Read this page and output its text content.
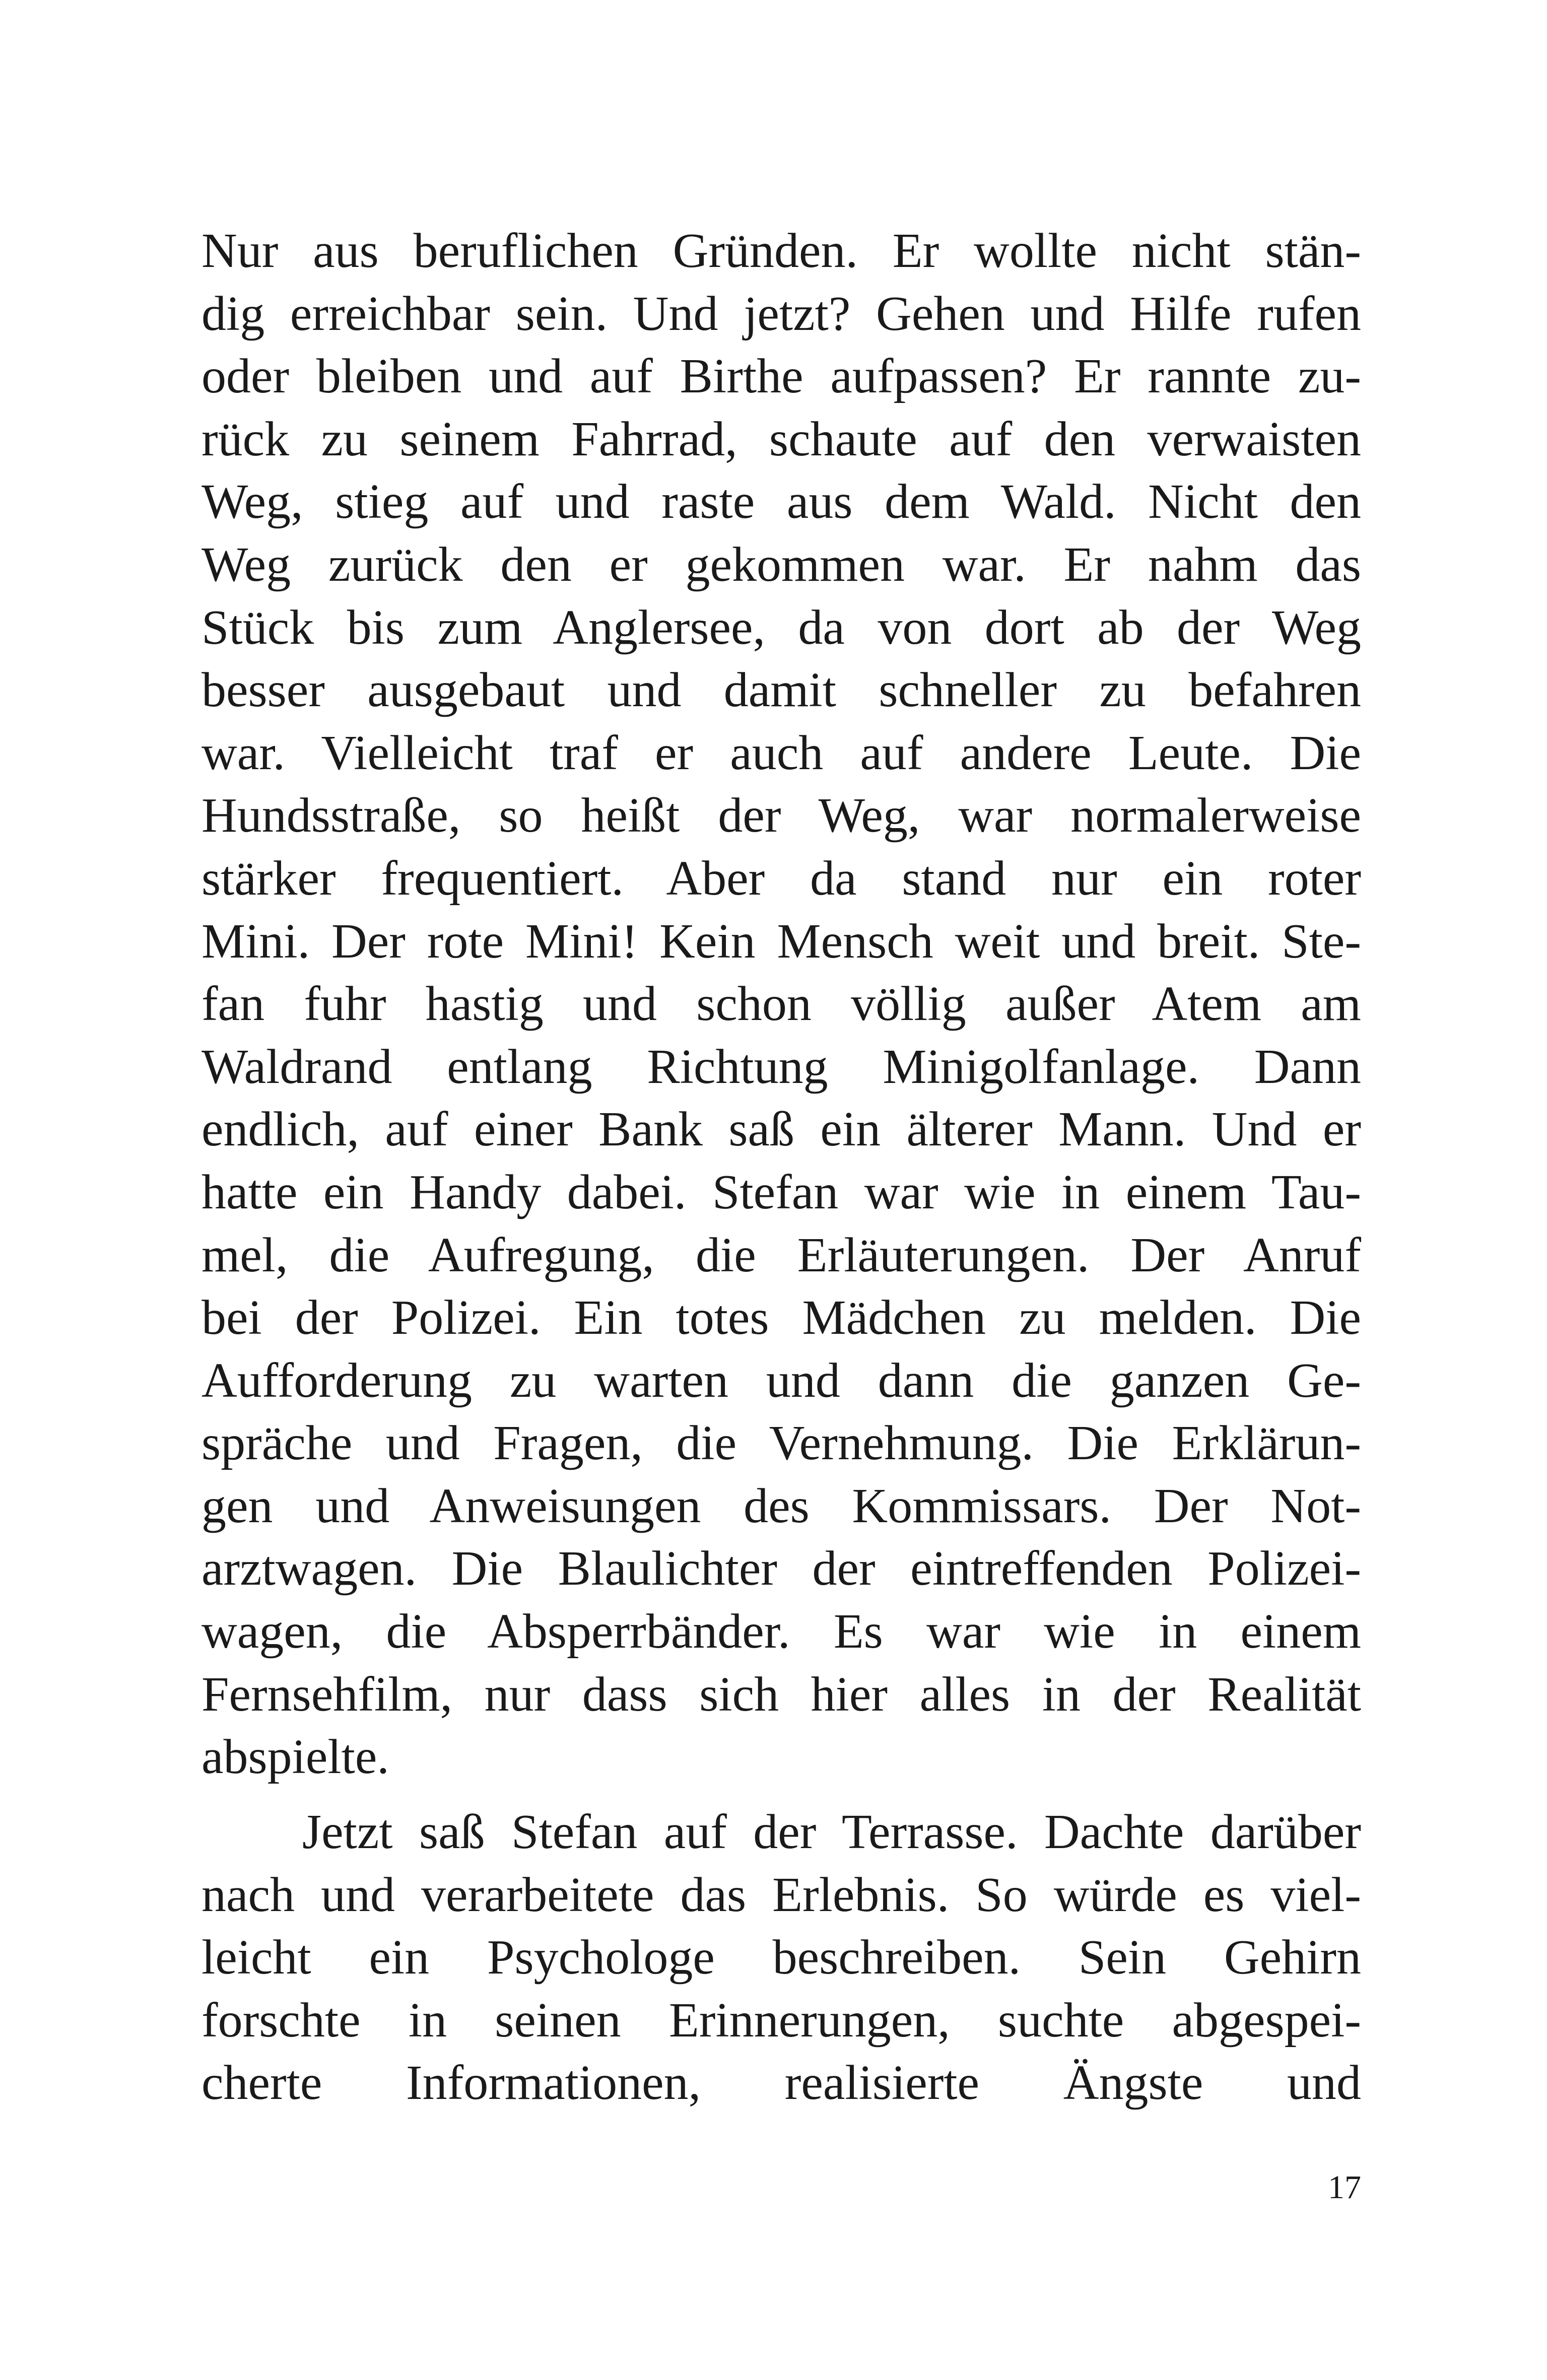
Nur aus beruflichen Gründen. Er wollte nicht stän-
dig erreichbar sein. Und jetzt? Gehen und Hilfe rufen
oder bleiben und auf Birthe aufpassen? Er rannte zu-
rück zu seinem Fahrrad, schaute auf den verwaisten
Weg, stieg auf und raste aus dem Wald. Nicht den
Weg zurück den er gekommen war. Er nahm das
Stück bis zum Anglersee, da von dort ab der Weg
besser ausgebaut und damit schneller zu befahren
war. Vielleicht traf er auch auf andere Leute. Die
Hundsstraße, so heißt der Weg, war normalerweise
stärker frequentiert. Aber da stand nur ein roter
Mini. Der rote Mini! Kein Mensch weit und breit. Ste-
fan fuhr hastig und schon völlig außer Atem am
Waldrand entlang Richtung Minigolfanlage. Dann
endlich, auf einer Bank saß ein älterer Mann. Und er
hatte ein Handy dabei. Stefan war wie in einem Tau-
mel, die Aufregung, die Erläuterungen. Der Anruf
bei der Polizei. Ein totes Mädchen zu melden. Die
Aufforderung zu warten und dann die ganzen Ge-
spräche und Fragen, die Vernehmung. Die Erklärun-
gen und Anweisungen des Kommissars. Der Not-
arztwagen. Die Blaulichter der eintreffenden Polizei-
wagen, die Absperrbänder. Es war wie in einem
Fernsehfilm, nur dass sich hier alles in der Realität
abspielte.
Jetzt saß Stefan auf der Terrasse. Dachte darüber
nach und verarbeitete das Erlebnis. So würde es viel-
leicht ein Psychologe beschreiben. Sein Gehirn
forschte in seinen Erinnerungen, suchte abgespei-
cherte Informationen, realisierte Ängste und
17
